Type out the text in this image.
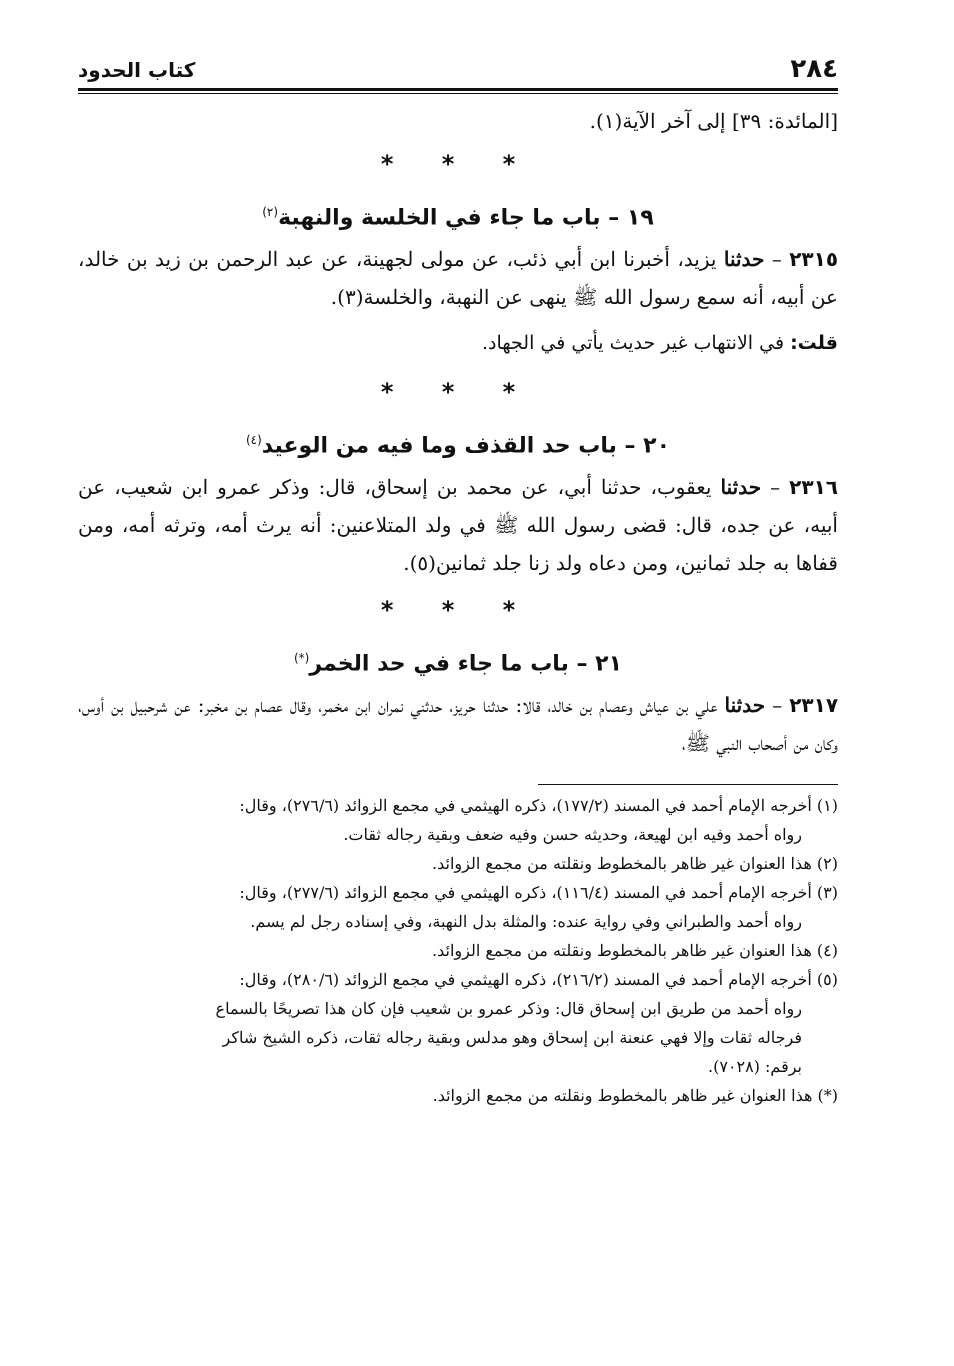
٢٨٤
كتاب الحدود
[المائدة: ٣٩] إلى آخر الآية(١).
* * *
١٩ – باب ما جاء في الخلسة والنهبة$^{(٢)}$
٢٣١٥ – حدثنا يزيد، أخبرنا ابن أبي ذئب، عن مولى لجهينة، عن عبد الرحمن بن زيد بن خالد، عن أبيه، أنه سمع رسول الله ﷺ ينهى عن النهبة، والخلسة(٣).
قلت: في الانتهاب غير حديث يأتي في الجهاد.
* * *
٢٠ – باب حد القذف وما فيه من الوعيد$^{(٤)}$
٢٣١٦ – حدثنا يعقوب، حدثنا أبي، عن محمد بن إسحاق، قال: وذكر عمرو ابن شعيب، عن أبيه، عن جده، قال: قضى رسول الله ﷺ في ولد المتلاعنين: أنه يرث أمه، وترثه أمه، ومن قفاها به جلد ثمانين، ومن دعاه ولد زنا جلد ثمانين(٥).
* * *
٢١ – باب ما جاء في حد الخمر(*)
٢٣١٧ – حدثنا علي بن عياش وعصام بن خالد، قالا: حدثنا حريز، حدثني نمران ابن مخمر، وقال عصام بن مخبر: عن شرحبيل بن أوس، وكان من أصحاب النبي ﷺ،
(١) أخرجه الإمام أحمد في المسند (١٧٧/٢)، ذكره الهيثمي في مجمع الزوائد (٢٧٦/٦)، وقال:
رواه أحمد وفيه ابن لهيعة، وحديثه حسن وفيه ضعف وبقية رجاله ثقات.
(٢) هذا العنوان غير ظاهر بالمخطوط ونقلته من مجمع الزوائد.
(٣) أخرجه الإمام أحمد في المسند (١١٦/٤)، ذكره الهيثمي في مجمع الزوائد (٢٧٧/٦)، وقال:
رواه أحمد والطبراني وفي رواية عنده: والمثلة بدل النهبة، وفي إسناده رجل لم يسم.
(٤) هذا العنوان غير ظاهر بالمخطوط ونقلته من مجمع الزوائد.
(٥) أخرجه الإمام أحمد في المسند (٢١٦/٢)، ذكره الهيثمي في مجمع الزوائد (٢٨٠/٦)، وقال:
رواه أحمد من طريق ابن إسحاق قال: وذكر عمرو بن شعيب فإن كان هذا تصريحًا بالسماع
فرجاله ثقات وإلا فهي عنعنة ابن إسحاق وهو مدلس وبقية رجاله ثقات، ذكره الشيخ شاكر
برقم: (٧٠٢٨).
(*) هذا العنوان غير ظاهر بالمخطوط ونقلته من مجمع الزوائد.
